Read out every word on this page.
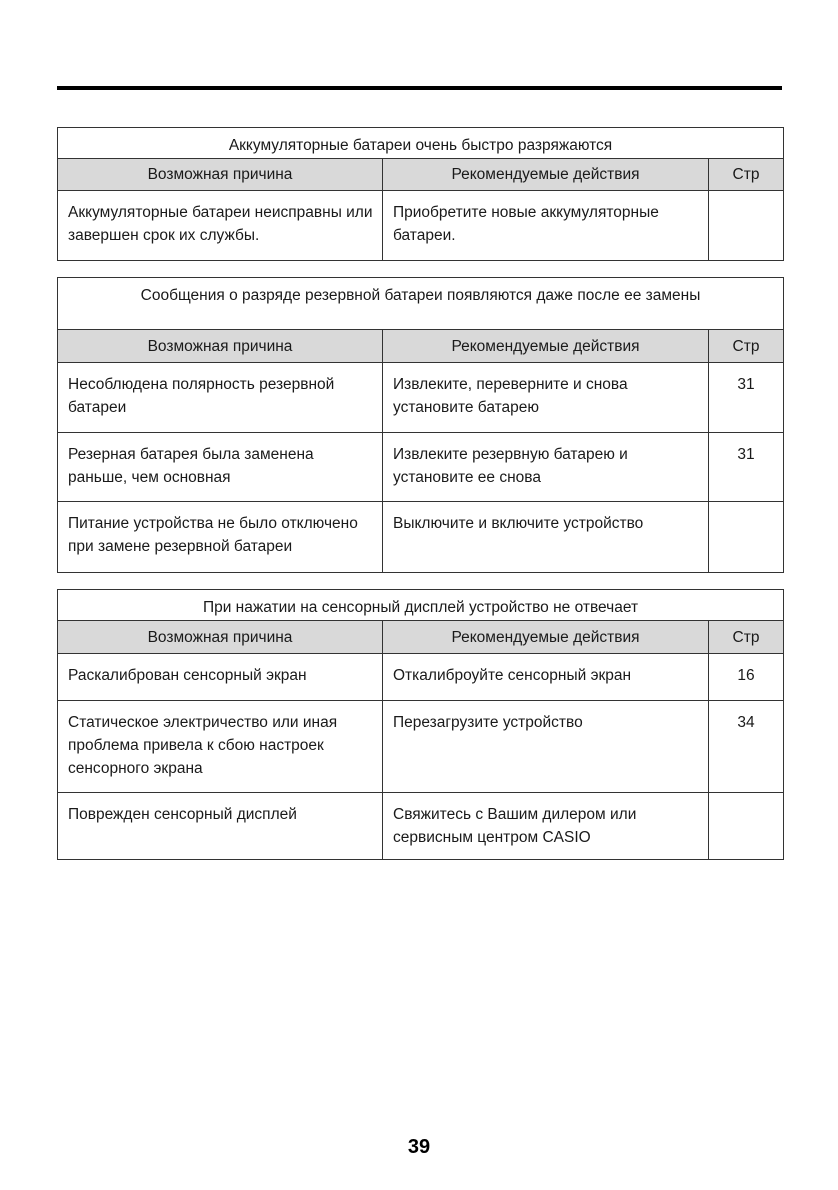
Аккумуляторные батареи очень быстро разряжаются		
Возможная причина	Рекомендуемые действия	Стр
Аккумуляторные батареи неисправны или завершен срок их службы.	Приобретите новые аккумуляторные батареи.	
Сообщения о разряде резервной батареи появляются даже после ее замены		
Возможная причина	Рекомендуемые действия	Стр
Несоблюдена полярность резервной батареи	Извлеките, переверните и снова установите батарею	31
Резерная батарея была заменена раньше, чем основная	Извлеките резервную батарею и установите ее снова	31
Питание устройства не было отключено при замене резервной батареи	Выключите и включите устройство	
При нажатии на сенсорный дисплей устройство не отвечает		
Возможная причина	Рекомендуемые действия	Стр
Раскалиброван сенсорный экран	Откалиброуйте сенсорный экран	16
Статическое электричество или иная проблема привела к сбою настроек сенсорного экрана	Перезагрузите устройство	34
Поврежден сенсорный дисплей	Свяжитесь с Вашим дилером или сервисным центром CASIO	
39
